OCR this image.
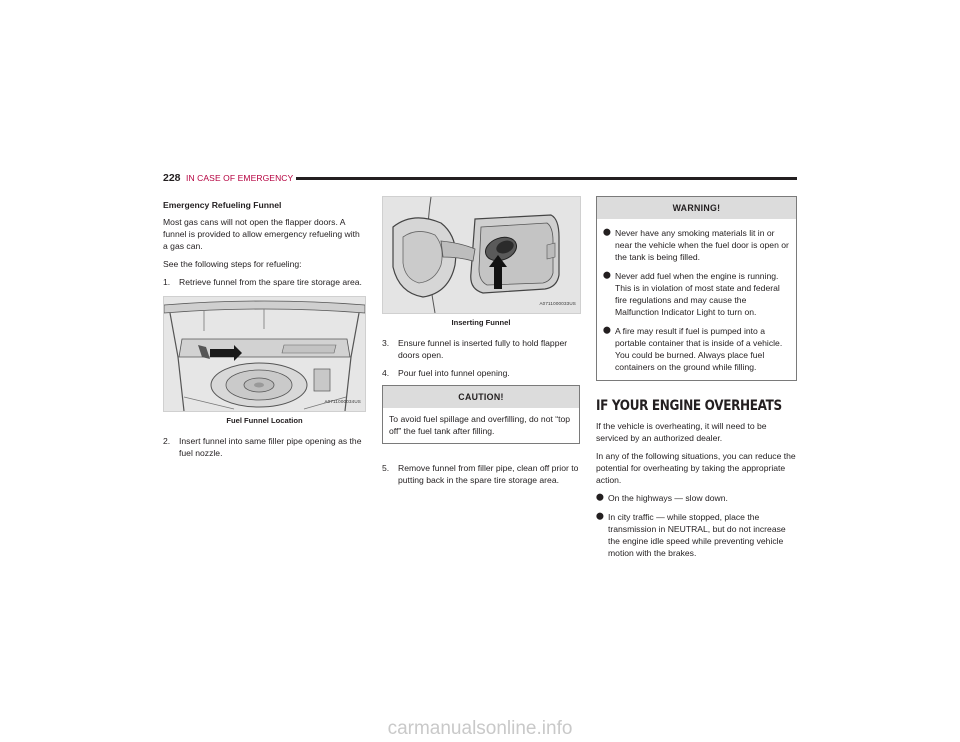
228 IN CASE OF EMERGENCY

Emergency Refueling Funnel

Most gas cans will not open the flapper doors. A funnel is provided to allow emergency refueling with a gas can.

See the following steps for refueling:

1.	Retrieve funnel from the spare tire storage area.
A0711000034US
Fuel Funnel Location
2.	Insert funnel into same filler pipe opening as the fuel nozzle.
A0711000033US
Inserting Funnel
3.	Ensure funnel is inserted fully to hold flapper doors open.
4.	Pour fuel into funnel opening.
CAUTION!
To avoid fuel spillage and overfilling, do not “top off” the fuel tank after filling.
5.	Remove funnel from filler pipe, clean off prior to putting back in the spare tire storage area.
WARNING!
⬤ Never have any smoking materials lit in or near the vehicle when the fuel door is open or the tank is being filled.
⬤ Never add fuel when the engine is running. This is in violation of most state and federal fire regulations and may cause the Malfunction Indicator Light to turn on.
⬤ A fire may result if fuel is pumped into a portable container that is inside of a vehicle. You could be burned. Always place fuel containers on the ground while filling.
IF YOUR ENGINE OVERHEATS

If the vehicle is overheating, it will need to be serviced by an authorized dealer.

In any of the following situations, you can reduce the potential for overheating by taking the appropriate action.

⬤ On the highways — slow down.
⬤ In city traffic — while stopped, place the transmission in NEUTRAL, but do not increase the engine idle speed while preventing vehicle motion with the brakes.
carmanualsonline.info
